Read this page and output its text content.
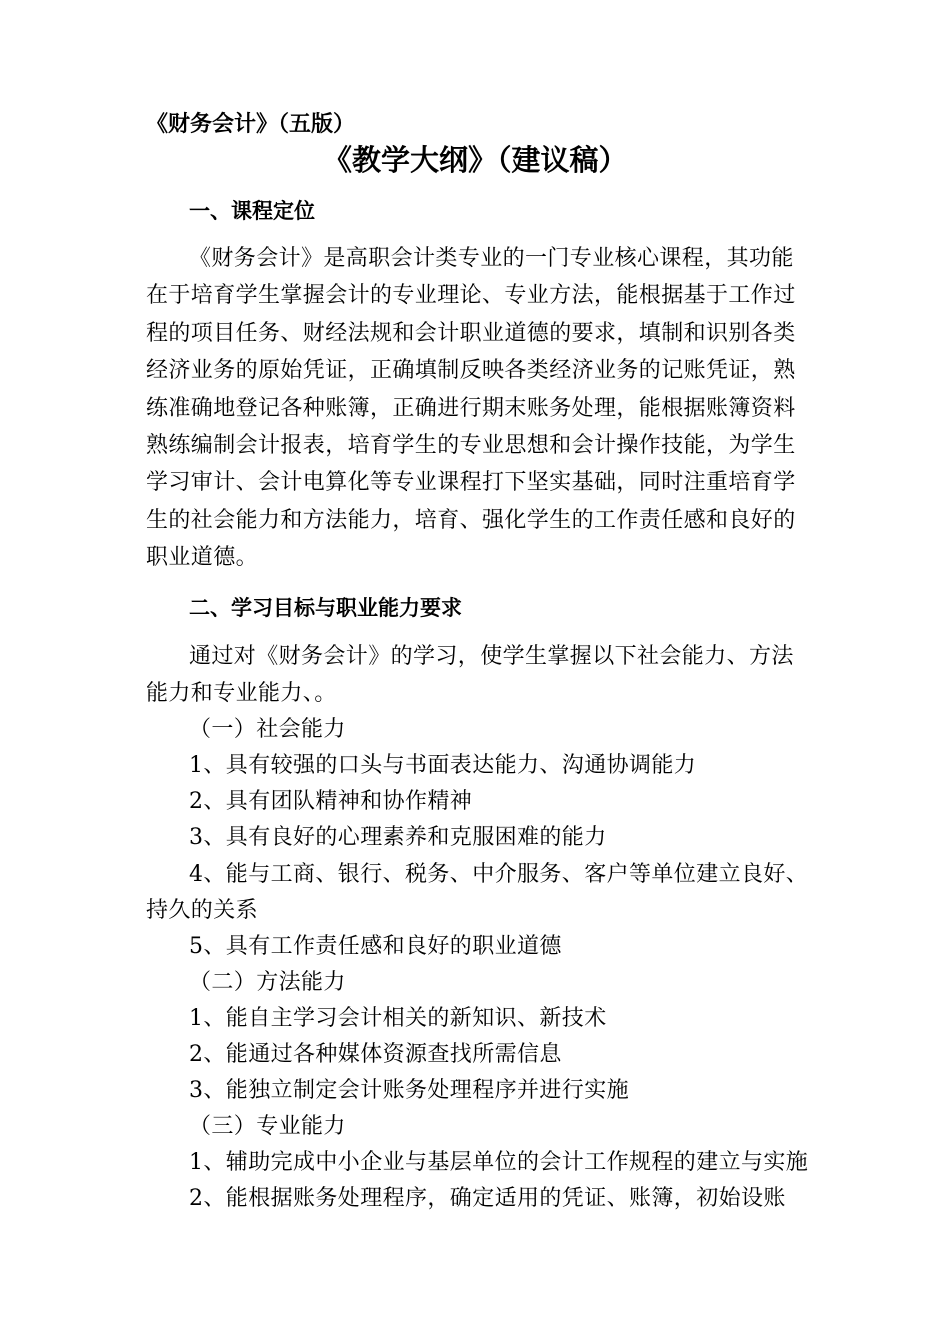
《财务会计》（五版）
《教学大纲》（建议稿）
一、课程定位
《财务会计》是高职会计类专业的一门专业核心课程，其功能
在于培育学生掌握会计的专业理论、专业方法，能根据基于工作过
程的项目任务、财经法规和会计职业道德的要求，填制和识别各类
经济业务的原始凭证，正确填制反映各类经济业务的记账凭证，熟
练准确地登记各种账簿，正确进行期末账务处理，能根据账簿资料
熟练编制会计报表，培育学生的专业思想和会计操作技能，为学生
学习审计、会计电算化等专业课程打下坚实基础，同时注重培育学
生的社会能力和方法能力，培育、强化学生的工作责任感和良好的
职业道德。
二、学习目标与职业能力要求
通过对《财务会计》的学习，使学生掌握以下社会能力、方法
能力和专业能力、。
（一）社会能力
1、具有较强的口头与书面表达能力、沟通协调能力
2、具有团队精神和协作精神
3、具有良好的心理素养和克服困难的能力
4、能与工商、银行、税务、中介服务、客户等单位建立良好、
持久的关系
5、具有工作责任感和良好的职业道德
（二）方法能力
1、能自主学习会计相关的新知识、新技术
2、能通过各种媒体资源查找所需信息
3、能独立制定会计账务处理程序并进行实施
（三）专业能力
1、辅助完成中小企业与基层单位的会计工作规程的建立与实施
2、能根据账务处理程序，确定适用的凭证、账簿，初始设账
